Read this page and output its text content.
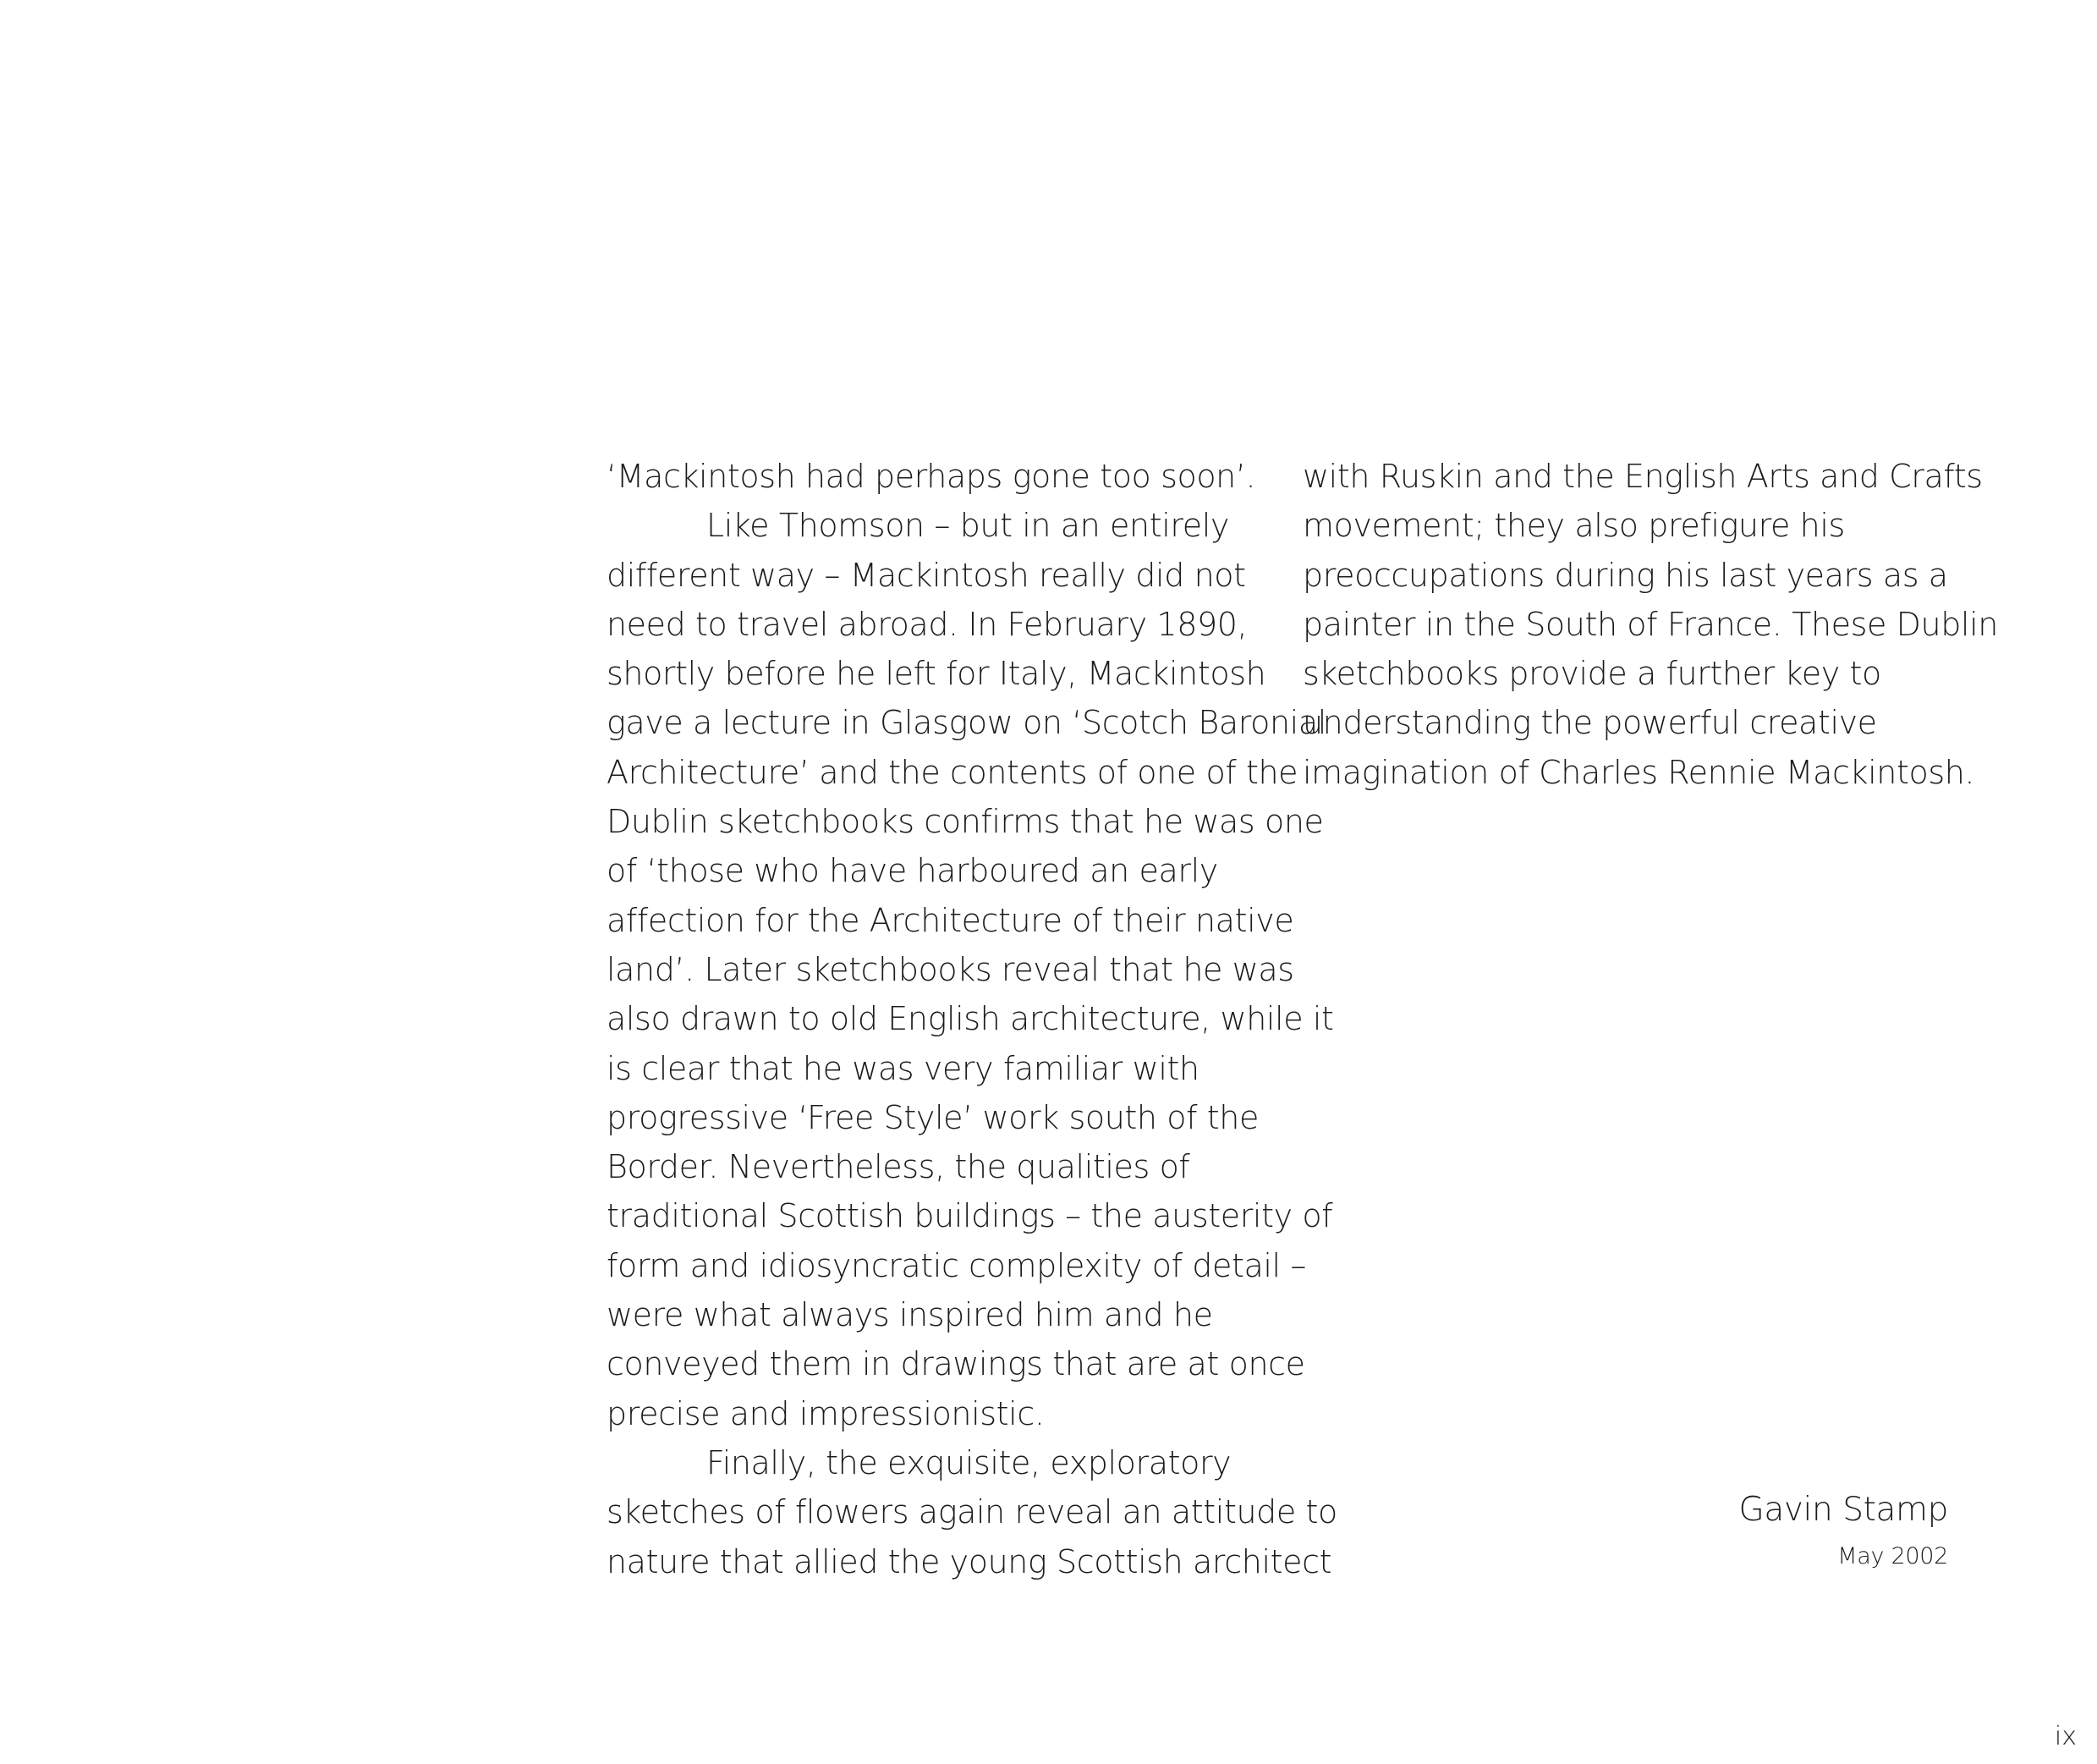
‘Mackintosh had perhaps gone too soon’.
Like Thomson – but in an entirely
different way – Mackintosh really did not
need to travel abroad. In February 1890,
shortly before he left for Italy, Mackintosh
gave a lecture in Glasgow on ‘Scotch Baronial
Architecture’ and the contents of one of the
Dublin sketchbooks confirms that he was one
of ‘those who have harboured an early
affection for the Architecture of their native
land’. Later sketchbooks reveal that he was
also drawn to old English architecture, while it
is clear that he was very familiar with
progressive ‘Free Style’ work south of the
Border. Nevertheless, the qualities of
traditional Scottish buildings – the austerity of
form and idiosyncratic complexity of detail –
were what always inspired him and he
conveyed them in drawings that are at once
precise and impressionistic.
Finally, the exquisite, exploratory
sketches of flowers again reveal an attitude to
nature that allied the young Scottish architect
with Ruskin and the English Arts and Crafts
movement; they also prefigure his
preoccupations during his last years as a
painter in the South of France. These Dublin
sketchbooks provide a further key to
understanding the powerful creative
imagination of Charles Rennie Mackintosh.
Gavin Stamp
May 2002
ix
